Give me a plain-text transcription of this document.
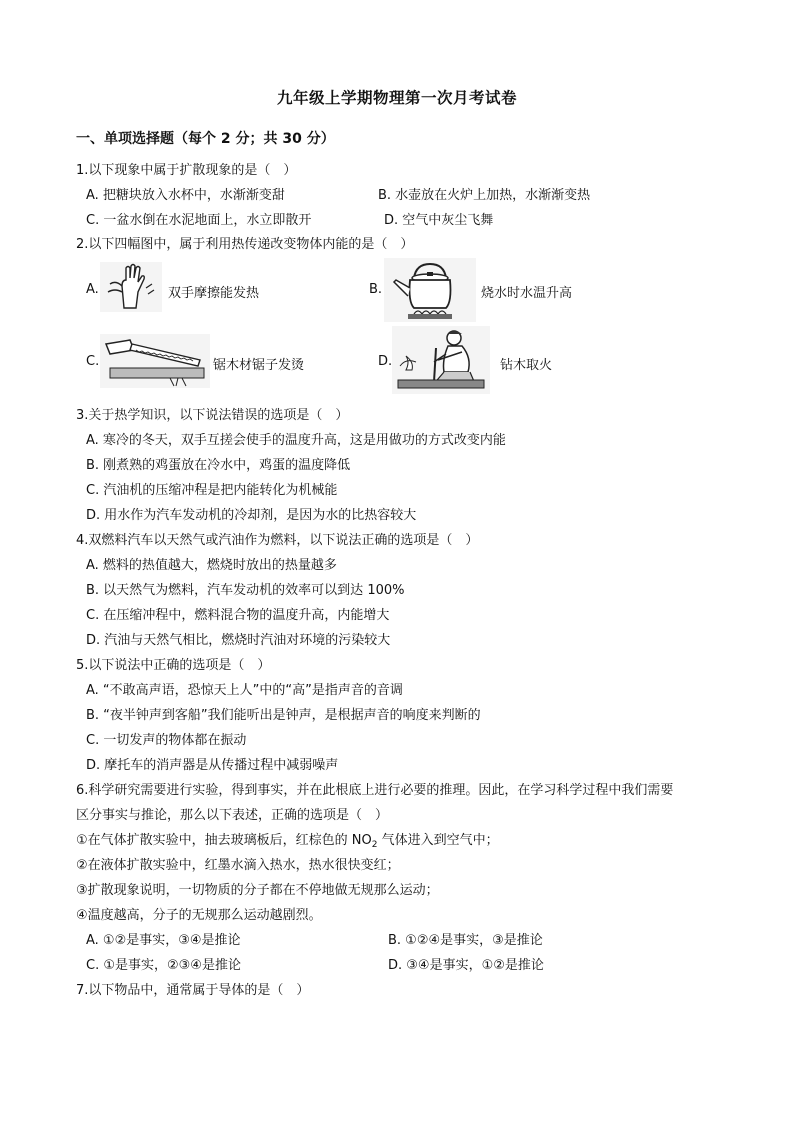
九年级上学期物理第一次月考试卷
一、单项选择题（每个 2 分；共 30 分）
1.以下现象中属于扩散现象的是（　）
A. 把糖块放入水杯中，水渐渐变甜	B. 水壶放在火炉上加热，水渐渐变热
C. 一盆水倒在水泥地面上，水立即散开	D. 空气中灰尘飞舞
2.以下四幅图中，属于利用热传递改变物体内能的是（　）
A.	双手摩擦能发热	B.	烧水时水温升高
C.	锯木材锯子发烫	D.	钻木取火
3.关于热学知识，以下说法错误的选项是（　）
A. 寒冷的冬天，双手互搓会使手的温度升高，这是用做功的方式改变内能
B. 刚煮熟的鸡蛋放在冷水中，鸡蛋的温度降低
C. 汽油机的压缩冲程是把内能转化为机械能
D. 用水作为汽车发动机的冷却剂，是因为水的比热容较大
4.双燃料汽车以天然气或汽油作为燃料，以下说法正确的选项是（　）
A. 燃料的热值越大，燃烧时放出的热量越多
B. 以天然气为燃料，汽车发动机的效率可以到达 100%
C. 在压缩冲程中，燃料混合物的温度升高，内能增大
D. 汽油与天然气相比，燃烧时汽油对环境的污染较大
5.以下说法中正确的选项是（　）
A. “不敢高声语，恐惊天上人”中的“高”是指声音的音调
B. “夜半钟声到客船”我们能听出是钟声，是根据声音的响度来判断的
C. 一切发声的物体都在振动
D. 摩托车的消声器是从传播过程中减弱噪声
6.科学研究需要进行实验，得到事实，并在此根底上进行必要的推理。因此，在学习科学过程中我们需要
区分事实与推论，那么以下表述，正确的选项是（　）
①在气体扩散实验中，抽去玻璃板后，红棕色的 $NO_2$ 气体进入到空气中；
②在液体扩散实验中，红墨水滴入热水，热水很快变红；
③扩散现象说明，一切物质的分子都在不停地做无规那么运动；
④温度越高，分子的无规那么运动越剧烈。
A. ①②是事实，③④是推论	B. ①②④是事实，③是推论
C. ①是事实，②③④是推论	D. ③④是事实，①②是推论
7.以下物品中，通常属于导体的是（　）
